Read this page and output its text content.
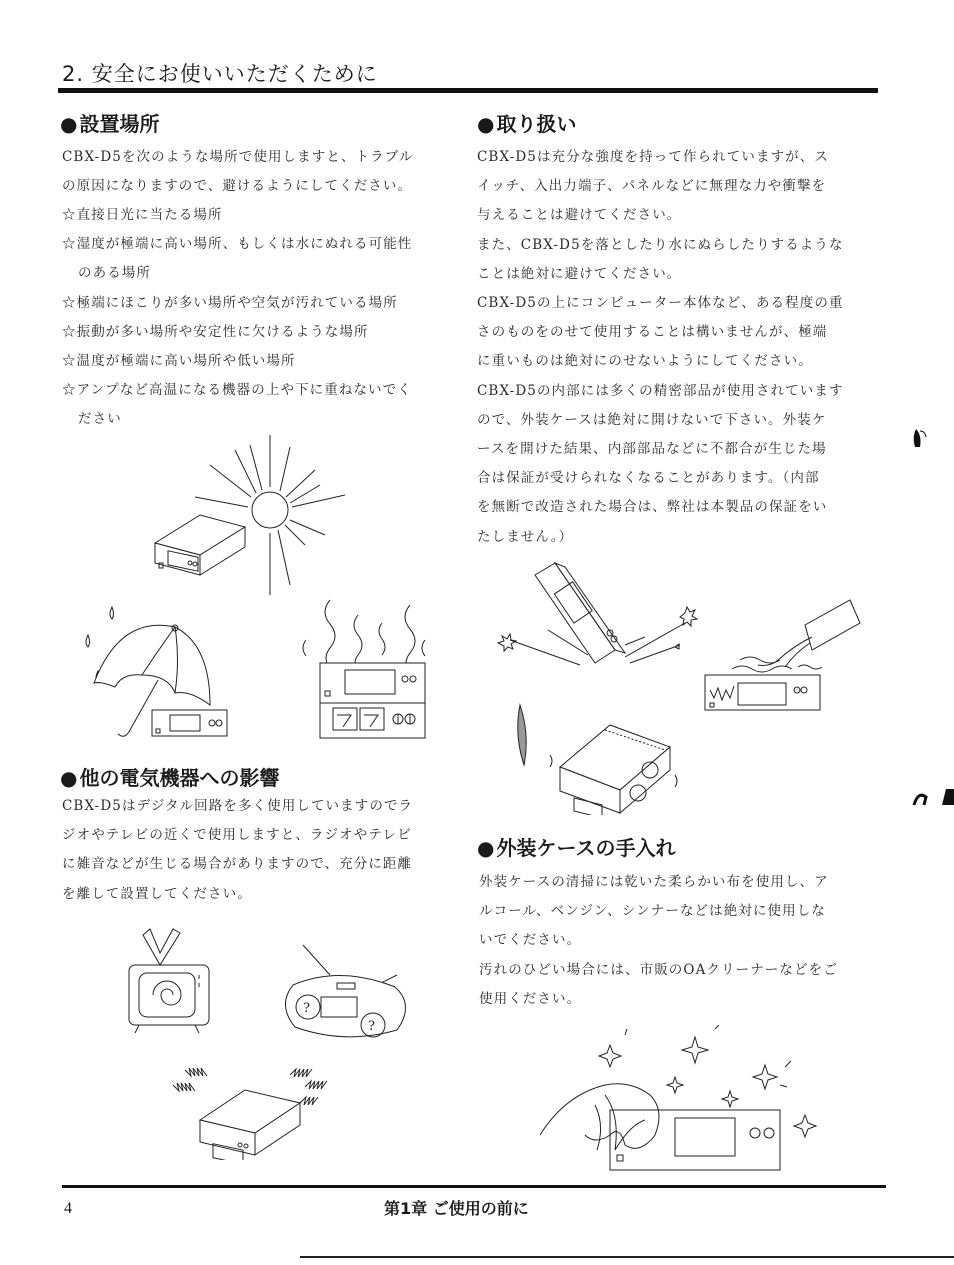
2. 安全にお使いいただくために
● 設置場所

CBX-D5を次のような場所で使用しますと、トラブル

の原因になりますので、避けるようにしてください。

☆直接日光に当たる場所
☆湿度が極端に高い場所、もしくは水にぬれる可能性
のある場所
☆極端にほこりが多い場所や空気が汚れている場所
☆振動が多い場所や安定性に欠けるような場所
☆温度が極端に高い場所や低い場所
☆アンプなど高温になる機器の上や下に重ねないでく
ださい
● 他の電気機器への影響

CBX-D5はデジタル回路を多く使用していますのでラ

ジオやテレビの近くで使用しますと、ラジオやテレビ

に雑音などが生じる場合がありますので、充分に距離

を離して設置してください。

?
?
● 取り扱い

CBX-D5は充分な強度を持って作られていますが、ス

イッチ、入出力端子、パネルなどに無理な力や衝撃を

与えることは避けてください。

また、CBX-D5を落としたり水にぬらしたりするような

ことは絶対に避けてください。

CBX-D5の上にコンピューター本体など、ある程度の重

さのものをのせて使用することは構いませんが、極端

に重いものは絶対にのせないようにしてください。

CBX-D5の内部には多くの精密部品が使用されています

ので、外装ケースは絶対に開けないで下さい。外装ケ

ースを開けた結果、内部部品などに不都合が生じた場

合は保証が受けられなくなることがあります。（内部

を無断で改造された場合は、弊社は本製品の保証をい

たしません。）

● 外装ケースの手入れ

外装ケースの清掃には乾いた柔らかい布を使用し、ア

ルコール、ベンジン、シンナーなどは絶対に使用しな

いでください。

汚れのひどい場合には、市販のOAクリーナーなどをご

使用ください。

4	第1章 ご使用の前に
